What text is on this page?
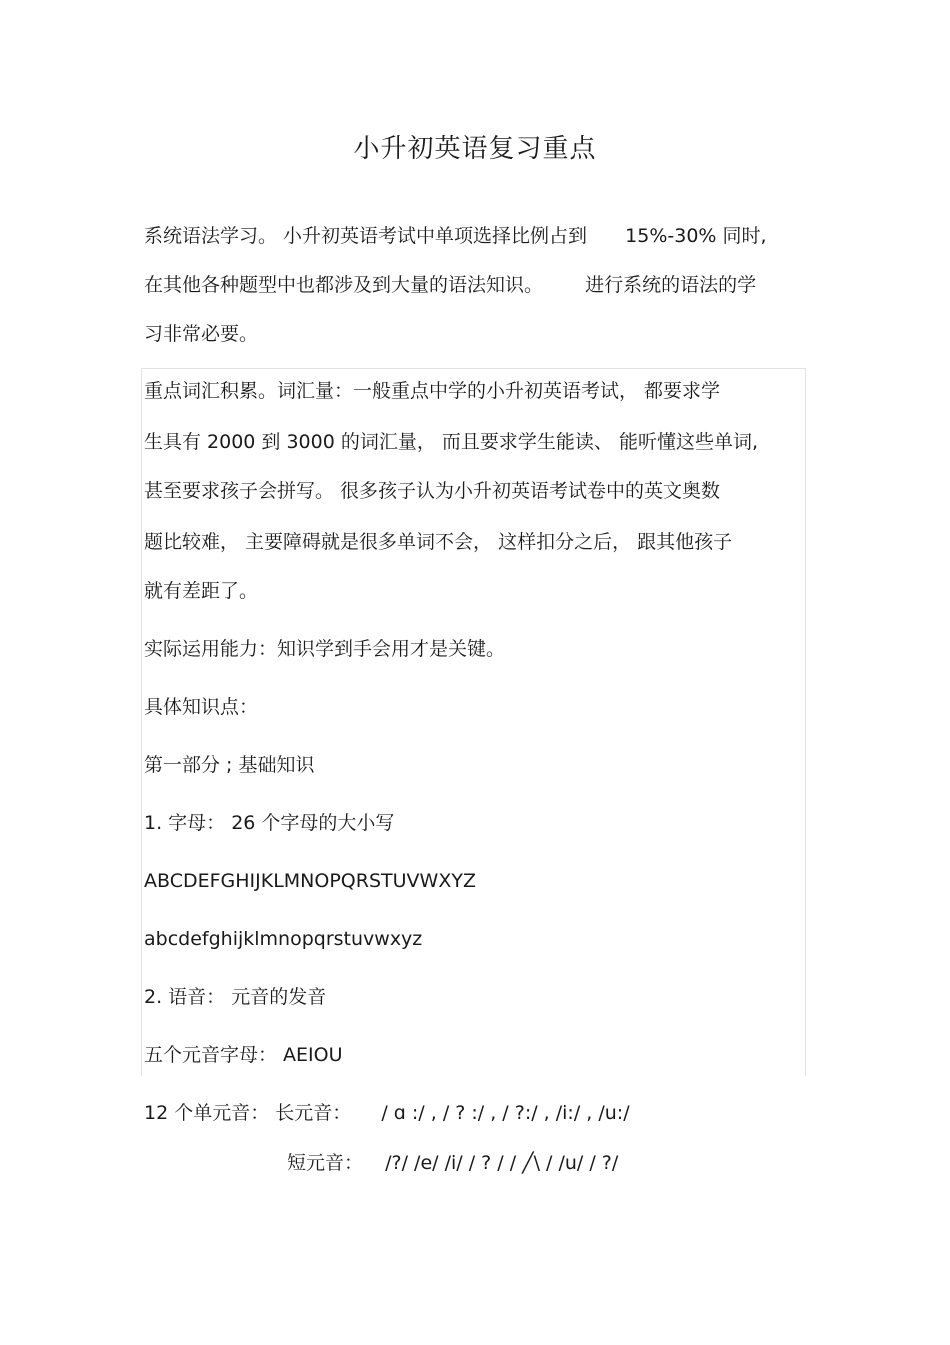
小升初英语复习重点
系统语法学习。 小升初英语考试中单项选择比例占到 15%-30% 同时,
在其他各种题型中也都涉及到大量的语法知识。 进行系统的语法的学
习非常必要。
重点词汇积累。词汇量：一般重点中学的小升初英语考试， 都要求学
生具有 2000 到 3000 的词汇量， 而且要求学生能读、 能听懂这些单词,
甚至要求孩子会拼写。 很多孩子认为小升初英语考试卷中的英文奥数
题比较难， 主要障碍就是很多单词不会， 这样扣分之后， 跟其他孩子
就有差距了。
实际运用能力：知识学到手会用才是关键。
具体知识点：
第一部分 ; 基础知识
1. 字母： 26 个字母的大小写
ABCDEFGHIJKLMNOPQRSTUVWXYZ
abcdefghijklmnopqrstuvwxyz
2. 语音： 元音的发音
五个元音字母： AEIOU
12 个单元音： 长元音： / ɑ :/ , / ? :/ , / ?:/ , /i:/ , /u:/
短元音： /?/ /e/ /i/ / ? / / ╱\ / /u/ / ?/
